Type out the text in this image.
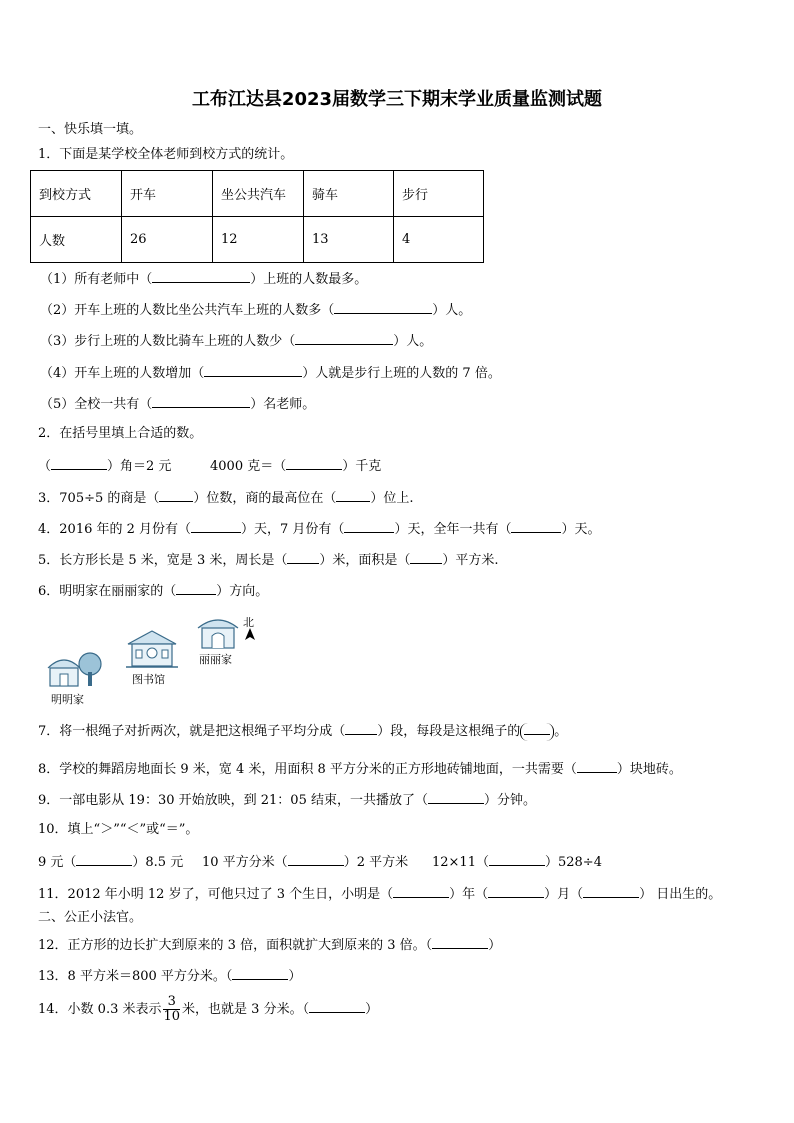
工布江达县2023届数学三下期末学业质量监测试题
一、快乐填一填。
1．下面是某学校全体老师到校方式的统计。
到校方式	开车	坐公共汽车	骑车	步行
人数	26	12	13	4
（1）所有老师中（	）上班的人数最多。
（2）开车上班的人数比坐公共汽车上班的人数多（	）人。
（3）步行上班的人数比骑车上班的人数少（	）人。
（4）开车上班的人数增加（	）人就是步行上班的人数的 7 倍。
（5）全校一共有（	）名老师。
2．在括号里填上合适的数。
（	）角＝2 元	4000 克＝（	）千克
3．705÷5 的商是（	）位数，商的最高位在（	）位上.
4．2016 年的 2 月份有（	）天，7 月份有（	）天，全年一共有（	）天。
5．长方形长是 5 米，宽是 3 米，周长是（ ）米，面积是（ ）平方米.
6．明明家在丽丽家的（	）方向。
明明家
图书馆
丽丽家
北
7．将一根绳子对折两次，就是把这根绳子平均分成（ ）段，每段是这根绳子的	。
8．学校的舞蹈房地面长 9 米，宽 4 米，用面积 8 平方分米的正方形地砖铺地面，一共需要（	）块地砖。
9．一部电影从 19：30 开始放映，到 21：05 结束，一共播放了（	）分钟。
10．填上“＞”“＜”或“＝”。
9 元（	）8.5 元 10 平方分米（	）2 平方米 12×11（	）528÷4
11．2012 年小明 12 岁了，可他只过了 3 个生日，小明是（	）年（	）月（	） 日出生的。
二、公正小法官。
12．正方形的边长扩大到原来的 3 倍，面积就扩大到原来的 3 倍。（	）
13．8 平方米＝800 平方分米。（	）
14．小数 0.3 米表示 $\frac{3}{10}$ 米，也就是 3 分米。（	）
